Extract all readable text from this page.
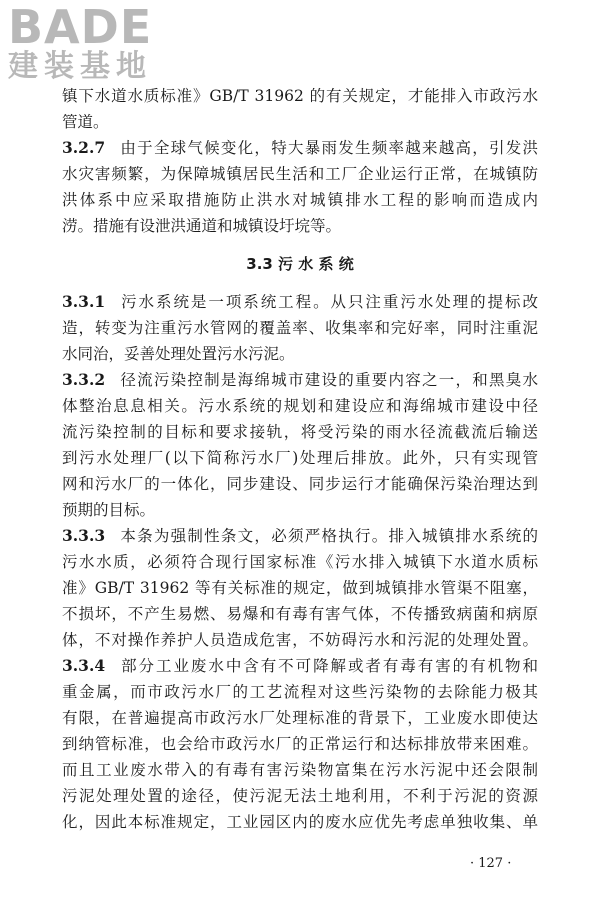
BADE
建装基地
镇下水道水质标准》GB/T 31962 的有关规定，才能排入市政污水
管道。
3.2.7 由于全球气候变化，特大暴雨发生频率越来越高，引发洪
水灾害频繁，为保障城镇居民生活和工厂企业运行正常，在城镇防
洪体系中应采取措施防止洪水对城镇排水工程的影响而造成内
涝。措施有设泄洪通道和城镇设圩垸等。
3.3 污 水 系 统
3.3.1 污水系统是一项系统工程。从只注重污水处理的提标改
造，转变为注重污水管网的覆盖率、收集率和完好率，同时注重泥
水同治，妥善处理处置污水污泥。
3.3.2 径流污染控制是海绵城市建设的重要内容之一，和黑臭水
体整治息息相关。污水系统的规划和建设应和海绵城市建设中径
流污染控制的目标和要求接轨，将受污染的雨水径流截流后输送
到污水处理厂(以下简称污水厂)处理后排放。此外，只有实现管
网和污水厂的一体化，同步建设、同步运行才能确保污染治理达到
预期的目标。
3.3.3 本条为强制性条文，必须严格执行。排入城镇排水系统的
污水水质，必须符合现行国家标准《污水排入城镇下水道水质标
准》GB/T 31962 等有关标准的规定，做到城镇排水管渠不阻塞，
不损坏，不产生易燃、易爆和有毒有害气体，不传播致病菌和病原
体，不对操作养护人员造成危害，不妨碍污水和污泥的处理处置。
3.3.4 部分工业废水中含有不可降解或者有毒有害的有机物和
重金属，而市政污水厂的工艺流程对这些污染物的去除能力极其
有限，在普遍提高市政污水厂处理标准的背景下，工业废水即使达
到纳管标准，也会给市政污水厂的正常运行和达标排放带来困难。
而且工业废水带入的有毒有害污染物富集在污水污泥中还会限制
污泥处理处置的途径，使污泥无法土地利用，不利于污泥的资源
化，因此本标准规定，工业园区内的废水应优先考虑单独收集、单
· 127 ·
